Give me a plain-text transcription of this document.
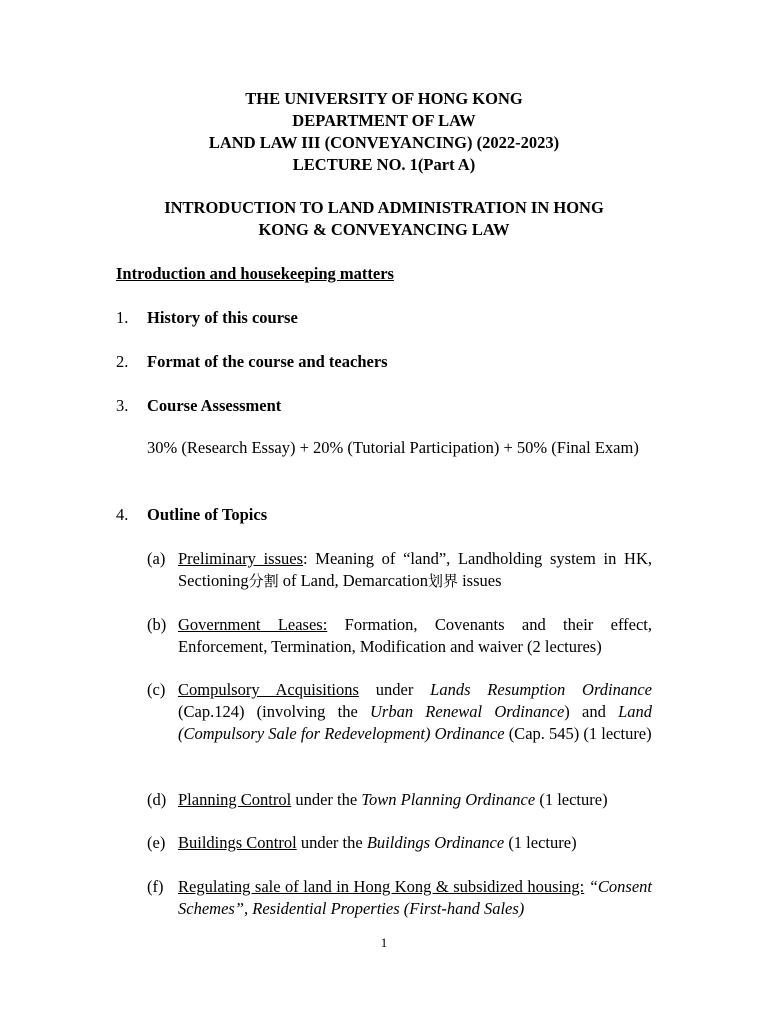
THE UNIVERSITY OF HONG KONG
DEPARTMENT OF LAW
LAND LAW III (CONVEYANCING) (2022-2023)
LECTURE NO. 1(Part A)
INTRODUCTION TO LAND ADMINISTRATION IN HONG
KONG & CONVEYANCING LAW
Introduction and housekeeping matters
1. History of this course
2. Format of the course and teachers
3. Course Assessment
30% (Research Essay) + 20% (Tutorial Participation) + 50% (Final Exam)
4. Outline of Topics
(a) Preliminary issues: Meaning of “land”, Landholding system in HK, Sectioning分割 of Land, Demarcation划界 issues
(b) Government Leases: Formation, Covenants and their effect, Enforcement, Termination, Modification and waiver (2 lectures)
(c) Compulsory Acquisitions under Lands Resumption Ordinance (Cap.124) (involving the Urban Renewal Ordinance) and Land (Compulsory Sale for Redevelopment) Ordinance (Cap. 545) (1 lecture)
(d) Planning Control under the Town Planning Ordinance (1 lecture)
(e) Buildings Control under the Buildings Ordinance (1 lecture)
(f) Regulating sale of land in Hong Kong & subsidized housing: “Consent Schemes”, Residential Properties (First-hand Sales)
1
